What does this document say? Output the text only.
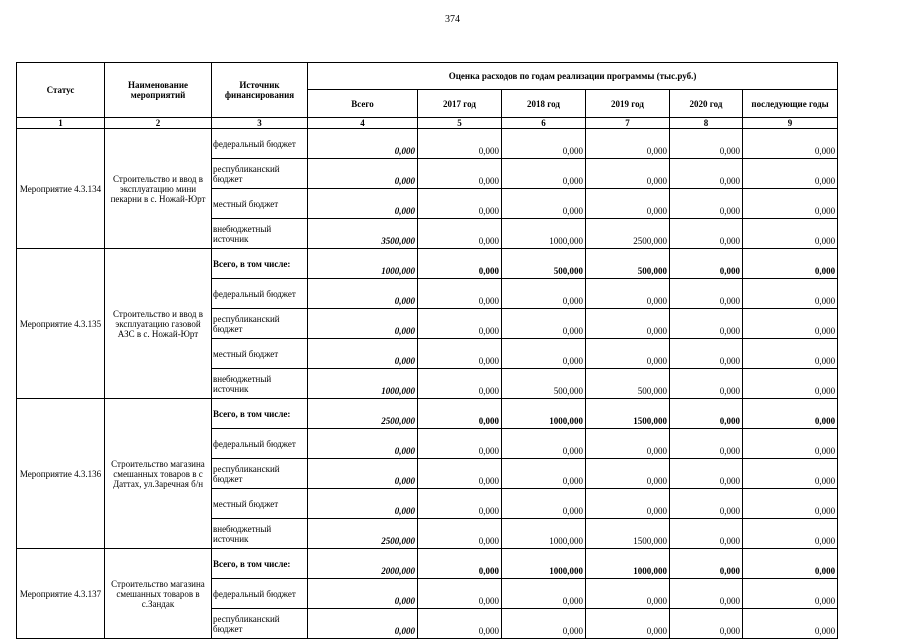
374
Статус	Наименование мероприятий	Источник финансирования	Оценка расходов по годам реализации программы (тыс.руб.)					
			Всего	2017 год	2018 год	2019 год	2020 год	последующие годы
1	2	3	4	5	6	7	8	9
Мероприятие 4.3.134	Строительство и ввод в эксплуатацию мини пекарни в с. Ножай-Юрт	федеральный бюджет	0,000	0,000	0,000	0,000	0,000	0,000
		республиканский бюджет	0,000	0,000	0,000	0,000	0,000	0,000
		местный бюджет	0,000	0,000	0,000	0,000	0,000	0,000
		внебюджетный источник	3500,000	0,000	1000,000	2500,000	0,000	0,000
Мероприятие 4.3.135	Строительство и ввод в эксплуатацию газовой АЗС в с. Ножай-Юрт	Всего, в том числе:	1000,000	0,000	500,000	500,000	0,000	0,000
		федеральный бюджет	0,000	0,000	0,000	0,000	0,000	0,000
		республиканский бюджет	0,000	0,000	0,000	0,000	0,000	0,000
		местный бюджет	0,000	0,000	0,000	0,000	0,000	0,000
		внебюджетный источник	1000,000	0,000	500,000	500,000	0,000	0,000
Мероприятие 4.3.136	Строительство магазина смешанных товаров в с Даттах, ул.Заречная б/н	Всего, в том числе:	2500,000	0,000	1000,000	1500,000	0,000	0,000
		федеральный бюджет	0,000	0,000	0,000	0,000	0,000	0,000
		республиканский бюджет	0,000	0,000	0,000	0,000	0,000	0,000
		местный бюджет	0,000	0,000	0,000	0,000	0,000	0,000
		внебюджетный источник	2500,000	0,000	1000,000	1500,000	0,000	0,000
Мероприятие 4.3.137	Строительство магазина смешанных товаров в с.Зандак	Всего, в том числе:	2000,000	0,000	1000,000	1000,000	0,000	0,000
		федеральный бюджет	0,000	0,000	0,000	0,000	0,000	0,000
		республиканский бюджет	0,000	0,000	0,000	0,000	0,000	0,000
